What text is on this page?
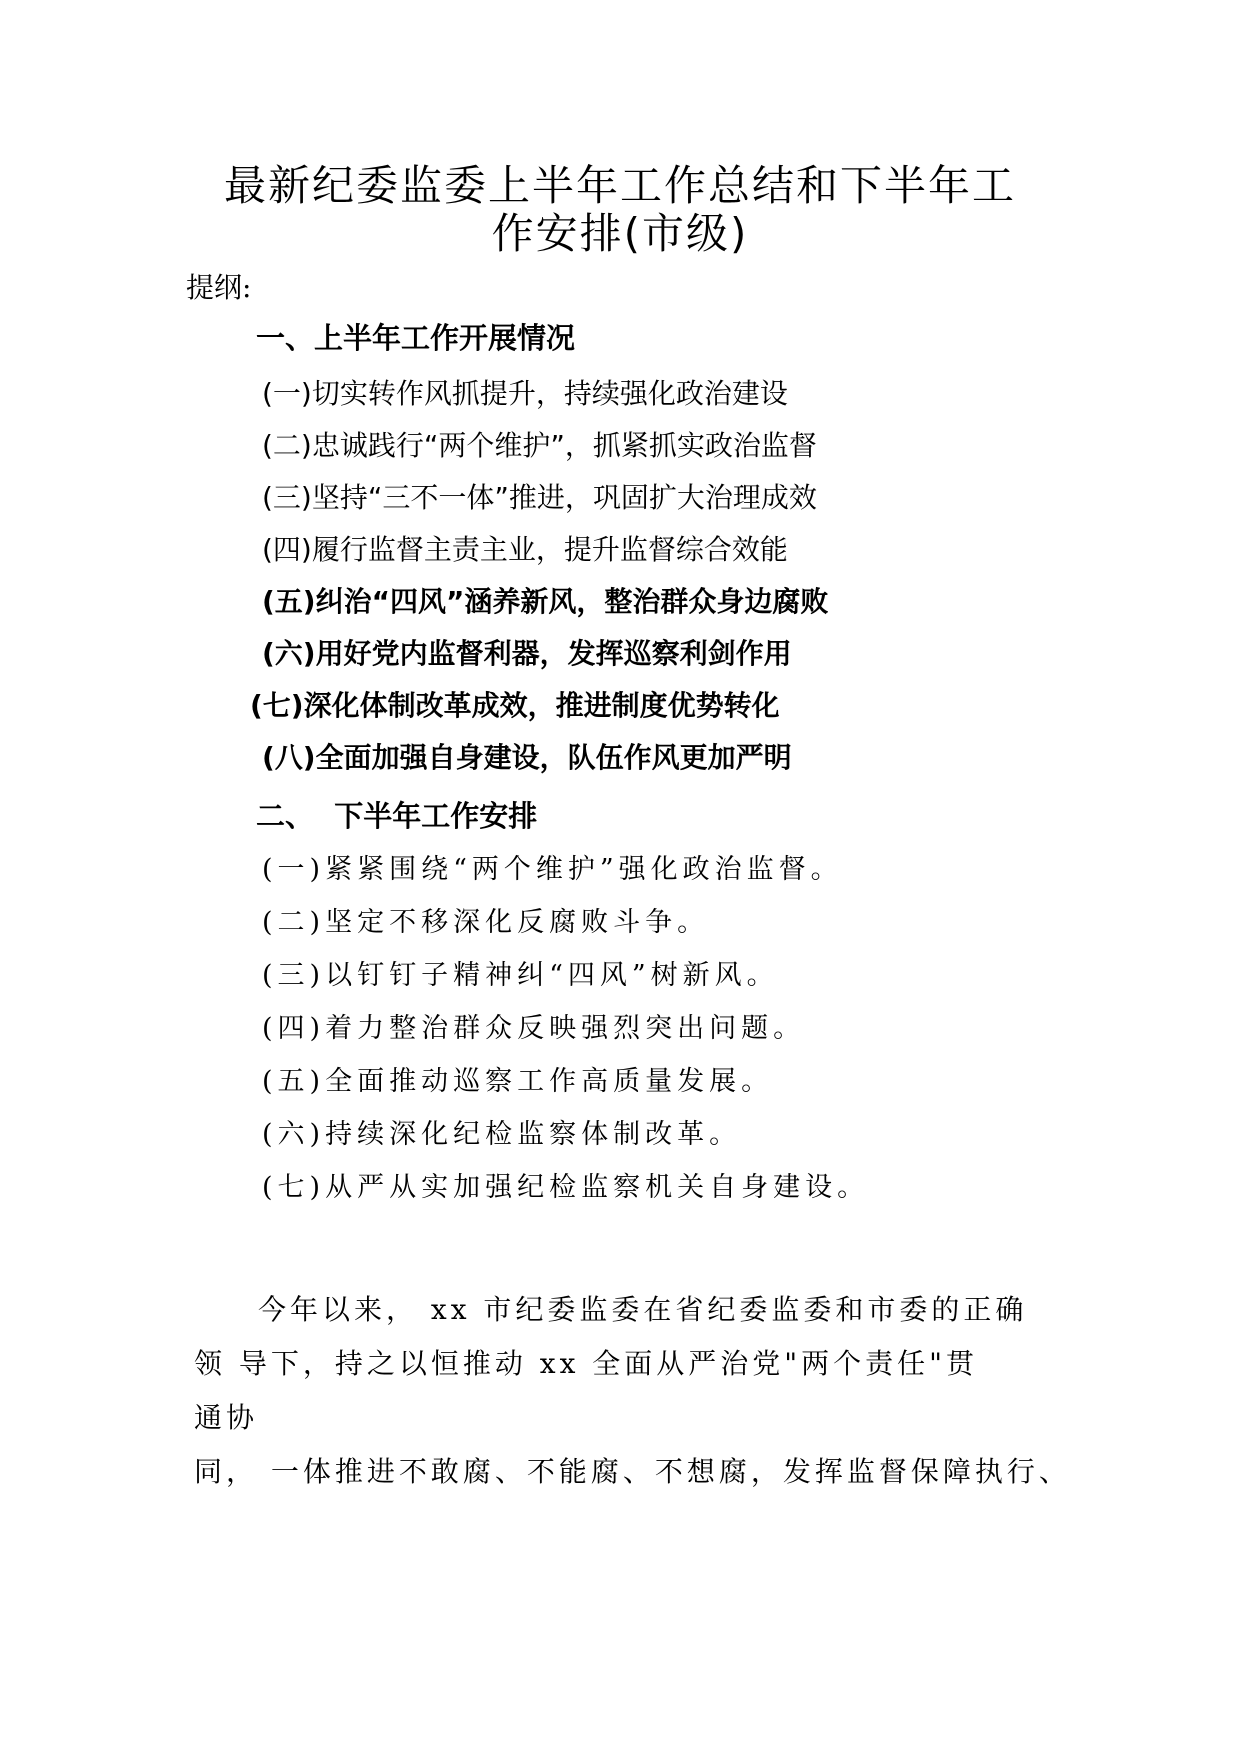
最新纪委监委上半年工作总结和下半年工
作安排(市级)
提纲:
一、上半年工作开展情况
(一)切实转作风抓提升，持续强化政治建设
(二)忠诚践行“两个维护”，抓紧抓实政治监督
(三)坚持“三不一体”推进，巩固扩大治理成效
(四)履行监督主责主业，提升监督综合效能
(五)纠治“四风”涵养新风，整治群众身边腐败
(六)用好党内监督利器，发挥巡察利剑作用
(七)深化体制改革成效，推进制度优势转化
(八)全面加强自身建设，队伍作风更加严明
二、  下半年工作安排
(一)紧紧围绕“两个维护”强化政治监督。
(二)坚定不移深化反腐败斗争。
(三)以钉钉子精神纠“四风”树新风。
(四)着力整治群众反映强烈突出问题。
(五)全面推动巡察工作高质量发展。
(六)持续深化纪检监察体制改革。
(七)从严从实加强纪检监察机关自身建设。
今年以来， xx 市纪委监委在省纪委监委和市委的正确
领 导下，持之以恒推动 xx 全面从严治党"两个责任"贯
通协
同， 一体推进不敢腐、不能腐、不想腐，发挥监督保障执行、
